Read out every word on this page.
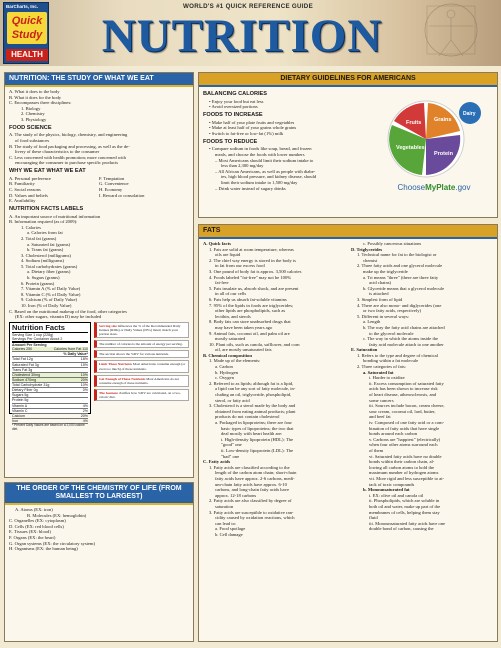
BarCharts, Inc.
Quick
Study
HEALTH
WORLD'S #1 QUICK REFERENCE GUIDE
NUTRITION
NUTRITION: THE STUDY OF WHAT WE EAT
A. What it does to the body
B. What it does for the body
C. Encompasses three disciplines:
1. Biology
2. Chemistry
3. Physiology
FOOD SCIENCE
A. The study of the physics, biology, chemistry, and engineering
of food substances
B. The study of food packaging and processing, as well as the de-
livery of these characteristics to the consumer
C. Less concerned with health promotion; more concerned with
encouraging the consumer to purchase specific products
WHY WE EAT WHAT WE EAT
A. Personal preference
B. Familiarity
C. Social reasons
D. Values and beliefs
E. Availability
F. Temptation
G. Convenience
H. Economy
I. Reward or consolation
NUTRITION FACTS LABELS
A. An important source of nutritional information
B. Information required (as of 2009):
1. Calories
a. Calories from fat
2. Total fat (grams)
a. Saturated fat (grams)
b. Trans fat (grams)
3. Cholesterol (milligrams)
4. Sodium (milligrams)
5. Total carbohydrates (grams)
a. Dietary fiber (grams)
b. Sugars (grams)
6. Protein (grams)
7. Vitamin A (% of Daily Value)
8. Vitamin C (% of Daily Value)
9. Calcium (% of Daily Value)
10. Iron (% of Daily Value)
C. Based on the nutritional makeup of the food, other categories
(EX: other sugars, vitamin D) may be included
Nutrition Facts
Serving Size 1 cup (228g)
Servings Per Container About 2
Amount Per Serving
Calories 250	Calories from Fat 110
% Daily Value*
Total Fat 12g	18%
Saturated Fat 3g	15%
Trans Fat 3g
Cholesterol 30mg	10%
Sodium 470mg	20%
Total Carbohydrate 31g	10%
Dietary Fiber 0g	0%
Sugars 5g
Protein 5g
Vitamin A	4%
Vitamin C	2%
Calcium	20%
Iron	4%
* Percent Daily Values are based on a 2,000 calorie diet.
Serving size influences the % of the Recommended Daily Intakes (RDIs) or Daily Values (DVs) listed; match your portion sizes.
The number of calories is the amount of energy per serving.
The section shows the %DV for various nutrients.
Limit These Nutrients Most Americans consume enough (or even too much) of these nutrients.
Get Enough of These Nutrients Most Americans do not consume enough of these nutrients.
The footnote clarifies how %DV are calculated, on a two-caloric diet.
THE ORDER OF THE CHEMISTRY OF LIFE (FROM SMALLEST TO LARGEST)
A. Atoms (EX: iron)
B. Molecules (EX: hemoglobin)
C. Organelles (EX: cytoplasm)
D. Cells (EX: red blood cells)
E. Tissues (EX: blood)
F. Organs (EX: the heart)
G. Organ systems (EX: the circulatory system)
H. Organisms (EX: the human being)
DIETARY GUIDELINES FOR AMERICANS
BALANCING CALORIES
• Enjoy your food but eat less
• Avoid oversized portions
FOODS TO INCREASE
• Make half of your plate fruits and vegetables
• Make at least half of your grains whole grains
• Switch to fat-free or low-fat (1%) milk
FOODS TO REDUCE
• Compare sodium in foods like soup, bread, and frozen
meals, and choose the foods with lower numbers
– Most Americans should limit their sodium intake to
less than 2,300 mg/day
– All African Americans, as well as people with diabe-
tes, high blood pressure, and kidney disease, should
limit their sodium intake to 1,500 mg/day
– Drink water instead of sugary drinks
Fruits Grains
Vegetables
Protein
Dairy
ChooseMyPlate.gov
FATS
A. Quick facts
1. Fats are solid at room temperature, whereas
oils are liquid
2. The chief way energy is stored in the body is
in fat from our excess food
3. One pound of body fat is approx. 3,500 calories
4. Foods labeled "fat-free" may not be 100%
fat-free
5. Fats insulate us, absorb shock, and are present
in all of our cells
6. Fats help us absorb fat-soluble vitamins
7. 95% of the lipids in foods are triglycerides;
other lipids are phospholipids, such as
lecithin, and sterols
8. Body fats can store unabsorbed drugs that
may have been taken years ago
9. Animal fats, coconut oil, and palm oil are
mostly saturated
10. Plant oils, such as canola, safflower, and corn
oil, are mostly unsaturated fats
B. Chemical composition
1. Made up of the elements:
a. Carbon
b. Hydrogen
c. Oxygen
2. Referred to as lipids; although fat is a lipid,
a lipid can be any sort of fatty molecule, in-
cluding an oil, triglyceride, phospholipid,
sterol, or fatty acid
3. Cholesterol is a sterol made by the body and
obtained from eating animal products; plant
products do not contain cholesterol
a. Packaged in lipoproteins; there are four
basic types of lipoproteins; the two that
deal mostly with heart health are:
i. High-density lipoprotein (HDL): The
"good" one
ii. Low-density lipoprotein (LDL): The
"bad" one
C. Fatty acids
1. Fatty acids are classified according to the
length of the carbon atom chain; short-chain
fatty acids have approx. 2-6 carbons, medi-
um-chain fatty acids have approx. 6-10
carbons, and long-chain fatty acids have
approx. 12-18 carbons
2. Fatty acids are also classified by degree of
saturation
3. Fatty acids are susceptible to oxidative ran-
cidity caused by oxidation reactions, which
can lead to:
a. Food spoilage
b. Cell damage
c. Possibly cancerous situations
D. Triglycerides
1. Technical name for fat to the biologist or
chemist
2. Three fatty acids and one glycerol molecule
make up the triglyceride
a. Tri means "three" (there are three fatty
acid chains)
b. Glyceride means that a glycerol molecule
is attached
3. Simplest form of lipid
4. There are also mono- and diglycerides (one
or two fatty acids, respectively)
5. Different in several ways:
a. Length
b. The way the fatty acid chains are attached
to the glycerol molecule
c. The way in which the atoms inside the
fatty acid molecule attach to one another
E. Saturation
1. Refers to the type and degree of chemical
bonding within a fat molecule
2. Three categories of fats:
a. Saturated fat
i. Harder to oxidize
ii. Excess consumption of saturated fatty
acids has been shown to increase risk
of heart disease, atherosclerosis, and
some cancers
iii. Sources include bacon, cream cheese,
sour cream, coconut oil, lard, butter,
and beef fat
iv. Composed of one fatty acid or a com-
bination of fatty acids that have single
bonds around each carbon
v. Carbons are "happiest" (electrically)
when four other atoms surround each
of them
vi. Saturated fatty acids have no double
bonds within their carbon chain, al-
lowing all carbon atoms to hold the
maximum number of hydrogen atoms
vii. More rigid and less susceptible to at-
tack of toxic compounds
b. Monounsaturated fat
i. EX: olive oil and canola oil
ii. Phospholipids, which are soluble in
both oil and water, make up part of the
membranes of cells, helping them stay
fluid
iii. Monounsaturated fatty acids have one
double bond of carbon, causing the
